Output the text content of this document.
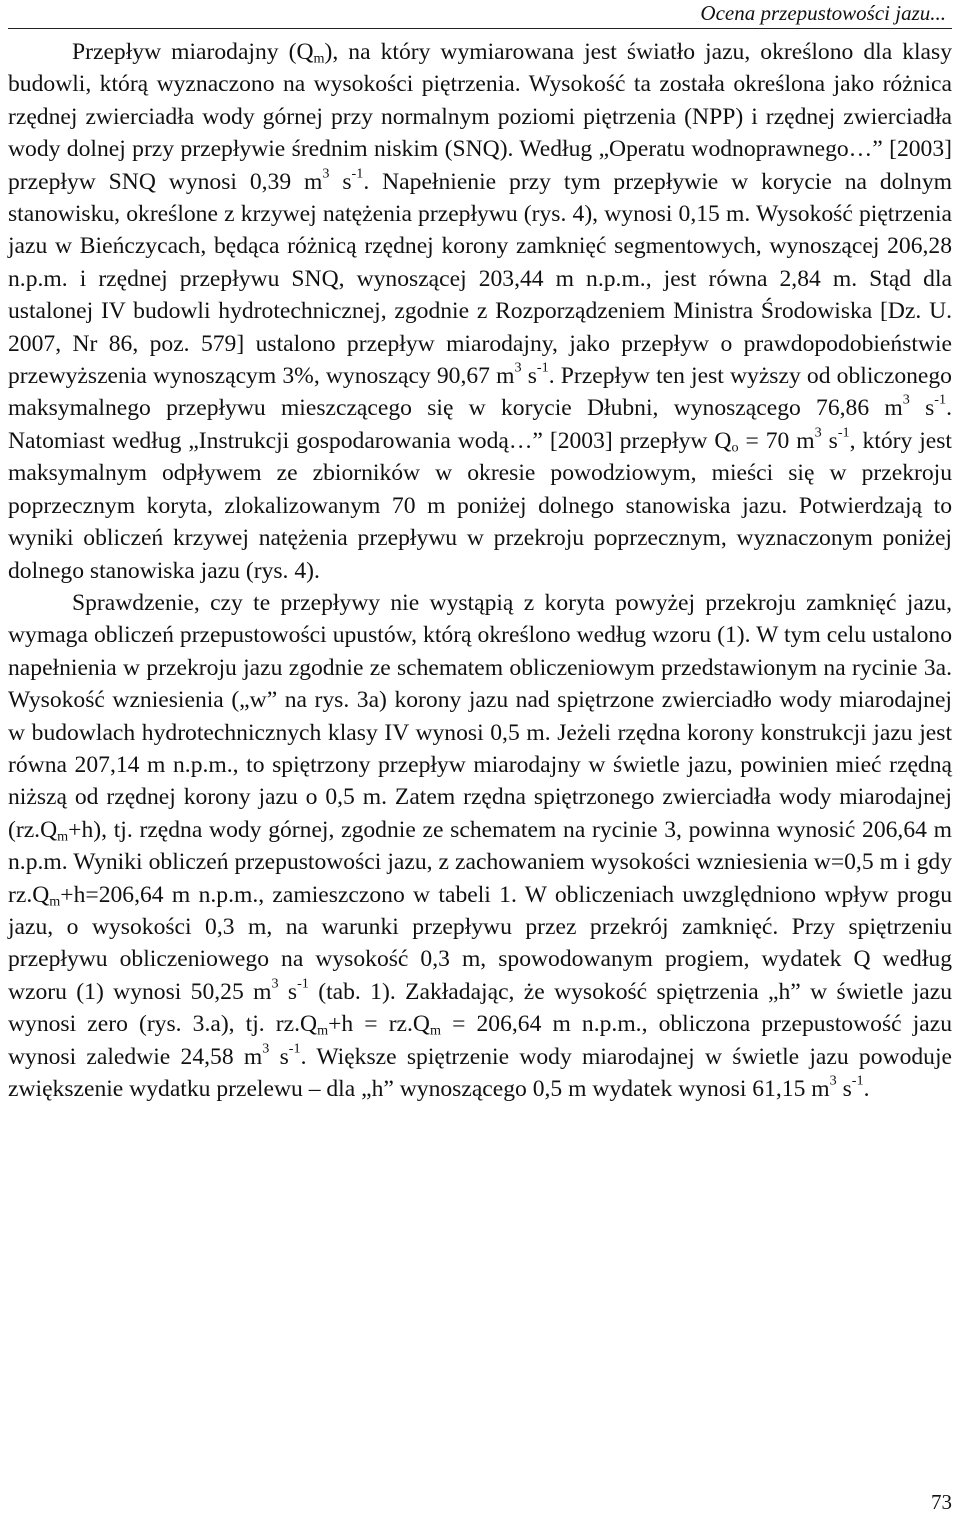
Ocena przepustowości jazu...

Przepływ miarodajny $(Q_m)$, na który wymiarowana jest światło jazu, określono dla klasy budowli, którą wyznaczono na wysokości piętrzenia. Wysokość ta została określona jako różnica rzędnej zwierciadła wody górnej przy normalnym poziomi piętrzenia (NPP) i rzędnej zwierciadła wody dolnej przy przepływie średnim niskim (SNQ). Według „Operatu wodnoprawnego…” [2003] przepływ SNQ wynosi 0,39 $m^3$ $s^{-1}$. Napełnienie przy tym przepływie w korycie na dolnym stanowisku, określone z krzywej natężenia przepływu (rys. 4), wynosi 0,15 m. Wysokość piętrzenia jazu w Bieńczycach, będąca różnicą rzędnej korony zamknięć segmentowych, wynoszącej 206,28 n.p.m. i rzędnej przepływu SNQ, wynoszącej 203,44 m n.p.m., jest równa 2,84 m. Stąd dla ustalonej IV budowli hydrotechnicznej, zgodnie z Rozporządzeniem Ministra Środowiska [Dz. U. 2007, Nr 86, poz. 579] ustalono przepływ miarodajny, jako przepływ o prawdopodobieństwie przewyższenia wynoszącym 3%, wynoszący 90,67 $m^3$ $s^{-1}$. Przepływ ten jest wyższy od obliczonego maksymalnego przepływu mieszczącego się w korycie Dłubni, wynoszącego 76,86 $m^3$ $s^{-1}$. Natomiast według „Instrukcji gospodarowania wodą…” [2003] przepływ $Q_o = 70$ $m^3$ $s^{-1}$, który jest maksymalnym odpływem ze zbiorników w okresie powodziowym, mieści się w przekroju poprzecznym koryta, zlokalizowanym 70 m poniżej dolnego stanowiska jazu. Potwierdzają to wyniki obliczeń krzywej natężenia przepływu w przekroju poprzecznym, wyznaczonym poniżej dolnego stanowiska jazu (rys. 4).

Sprawdzenie, czy te przepływy nie wystąpią z koryta powyżej przekroju zamknięć jazu, wymaga obliczeń przepustowości upustów, którą określono według wzoru (1). W tym celu ustalono napełnienia w przekroju jazu zgodnie ze schematem obliczeniowym przedstawionym na rycinie 3a. Wysokość wzniesienia („w” na rys. 3a) korony jazu nad spiętrzone zwierciadło wody miarodajnej w budowlach hydrotechnicznych klasy IV wynosi 0,5 m. Jeżeli rzędna korony konstrukcji jazu jest równa 207,14 m n.p.m., to spiętrzony przepływ miarodajny w świetle jazu, powinien mieć rzędną niższą od rzędnej korony jazu o 0,5 m. Zatem rzędna spiętrzonego zwierciadła wody miarodajnej $(rz.Q_m+h)$, tj. rzędna wody górnej, zgodnie ze schematem na rycinie 3, powinna wynosić 206,64 m n.p.m. Wyniki obliczeń przepustowości jazu, z zachowaniem wysokości wzniesienia w=0,5 m i gdy $rz.Q_m+h=206,64$ m n.p.m., zamieszczono w tabeli 1. W obliczeniach uwzględniono wpływ progu jazu, o wysokości 0,3 m, na warunki przepływu przez przekrój zamknięć. Przy spiętrzeniu przepływu obliczeniowego na wysokość 0,3 m, spowodowanym progiem, wydatek Q według wzoru (1) wynosi 50,25 $m^3$ $s^{-1}$ (tab. 1). Zakładając, że wysokość spiętrzenia „h” w świetle jazu wynosi zero (rys. 3.a), tj. $rz.Q_m+h = rz.Q_m = 206,64$ m n.p.m., obliczona przepustowość jazu wynosi zaledwie 24,58 $m^3$ $s^{-1}$. Większe spiętrzenie wody miarodajnej w świetle jazu powoduje zwiększenie wydatku przelewu – dla „h” wynoszącego 0,5 m wydatek wynosi 61,15 $m^3$ $s^{-1}$.

73
